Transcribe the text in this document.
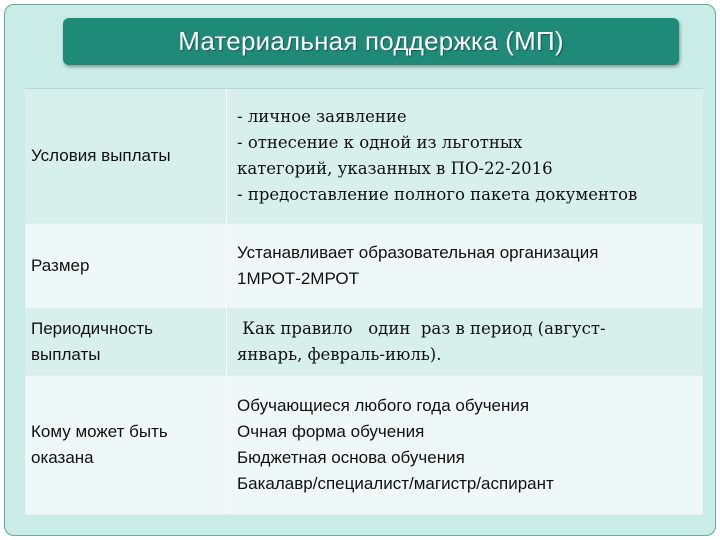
Материальная поддержка (МП)
Условия выплаты
- личное заявление
- отнесение к одной из льготных
категорий, указанных в ПО-22-2016
- предоставление полного пакета документов
Размер
Устанавливает образовательная организация
1МРОТ-2МРОТ
Периодичность
выплаты
Как правило   один  раз в период (август-
январь, февраль-июль).
Кому может быть
оказана
Обучающиеся любого года обучения
Очная форма обучения
Бюджетная основа обучения
Бакалавр/специалист/магистр/аспирант
